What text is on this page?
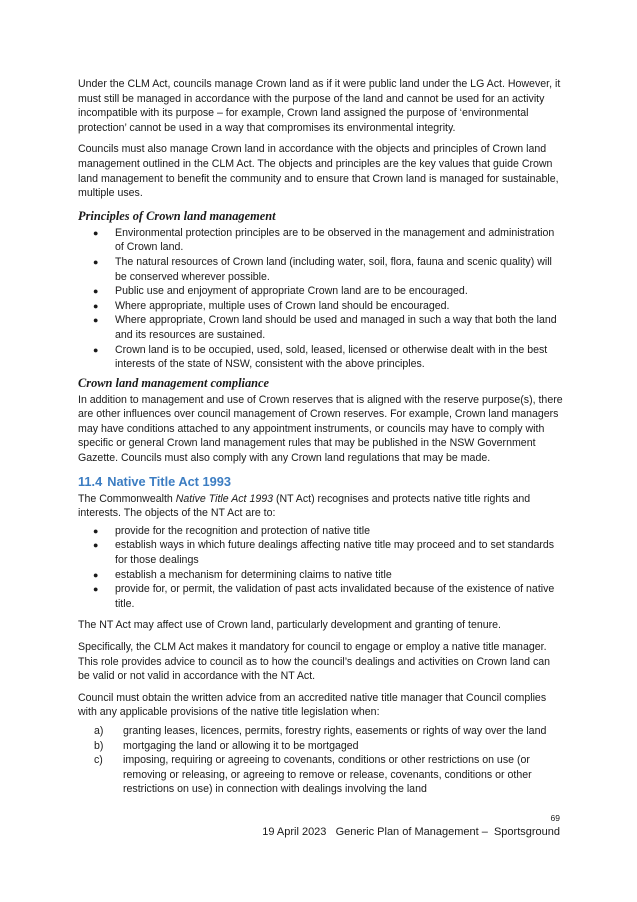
Under the CLM Act, councils manage Crown land as if it were public land under the LG Act. However, it must still be managed in accordance with the purpose of the land and cannot be used for an activity incompatible with its purpose – for example, Crown land assigned the purpose of ‘environmental protection’ cannot be used in a way that compromises its environmental integrity.

Councils must also manage Crown land in accordance with the objects and principles of Crown land management outlined in the CLM Act. The objects and principles are the key values that guide Crown land management to benefit the community and to ensure that Crown land is managed for sustainable, multiple uses.

Principles of Crown land management
● Environmental protection principles are to be observed in the management and administration of Crown land.
● The natural resources of Crown land (including water, soil, flora, fauna and scenic quality) will be conserved wherever possible.
● Public use and enjoyment of appropriate Crown land are to be encouraged.
● Where appropriate, multiple uses of Crown land should be encouraged.
● Where appropriate, Crown land should be used and managed in such a way that both the land and its resources are sustained.
● Crown land is to be occupied, used, sold, leased, licensed or otherwise dealt with in the best interests of the state of NSW, consistent with the above principles.
Crown land management compliance

In addition to management and use of Crown reserves that is aligned with the reserve purpose(s), there are other influences over council management of Crown reserves. For example, Crown land managers may have conditions attached to any appointment instruments, or councils may have to comply with specific or general Crown land management rules that may be published in the NSW Government Gazette. Councils must also comply with any Crown land regulations that may be made.

11.4 Native Title Act 1993

The Commonwealth Native Title Act 1993 (NT Act) recognises and protects native title rights and interests. The objects of the NT Act are to:

● provide for the recognition and protection of native title
● establish ways in which future dealings affecting native title may proceed and to set standards for those dealings
● establish a mechanism for determining claims to native title
● provide for, or permit, the validation of past acts invalidated because of the existence of native title.

The NT Act may affect use of Crown land, particularly development and granting of tenure.

Specifically, the CLM Act makes it mandatory for council to engage or employ a native title manager. This role provides advice to council as to how the council’s dealings and activities on Crown land can be valid or not valid in accordance with the NT Act.

Council must obtain the written advice from an accredited native title manager that Council complies with any applicable provisions of the native title legislation when:

a) granting leases, licences, permits, forestry rights, easements or rights of way over the land
b) mortgaging the land or allowing it to be mortgaged
c) imposing, requiring or agreeing to covenants, conditions or other restrictions on use (or removing or releasing, or agreeing to remove or release, covenants, conditions or other restrictions on use) in connection with dealings involving the land
69
19 April 2023   Generic Plan of Management –  Sportsground
